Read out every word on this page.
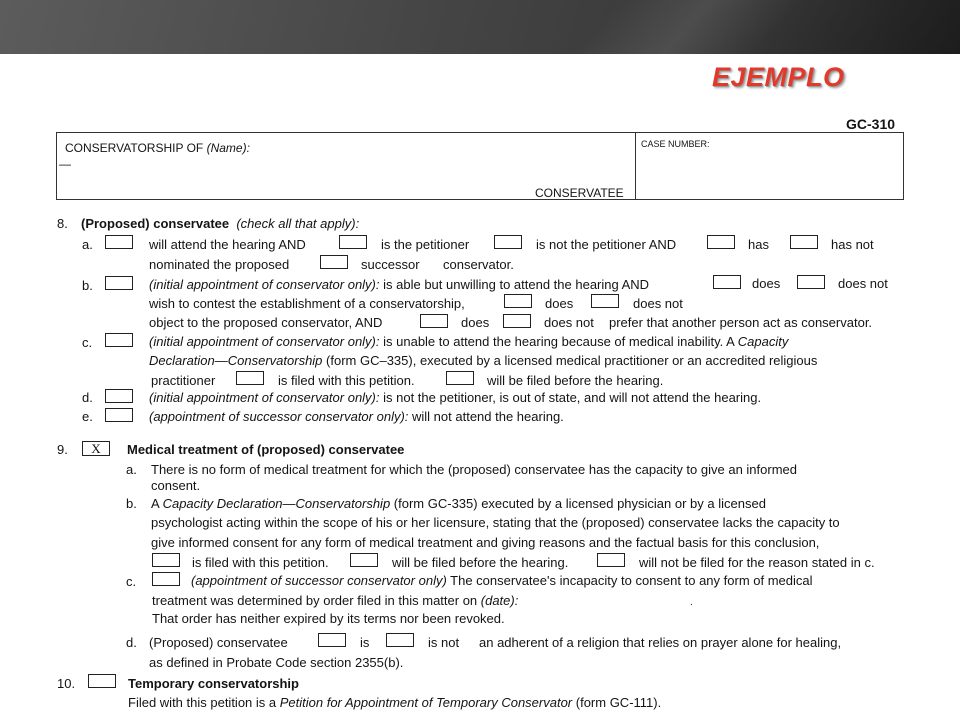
EJEMPLO
GC-310
CONSERVATORSHIP OF (Name):
—
CONSERVATEE
CASE NUMBER:
8. (Proposed) conservatee (check all that apply):
a.	will attend the hearing AND	is the petitioner	is not the petitioner AND	has	has not
nominated the proposed	successor conservator.
b.	(initial appointment of conservator only): is able but unwilling to attend the hearing AND	does	does not
wish to contest the establishment of a conservatorship,	does	does not
object to the proposed conservator, AND	does	does not prefer that another person act as conservator.
c.	(initial appointment of conservator only): is unable to attend the hearing because of medical inability. A Capacity
Declaration—Conservatorship (form GC–335), executed by a licensed medical practitioner or an accredited religious
practitioner	is filed with this petition.	will be filed before the hearing.
d.	(initial appointment of conservator only): is not the petitioner, is out of state, and will not attend the hearing.
e.	(appointment of successor conservator only): will not attend the hearing.
9.	X	Medical treatment of (proposed) conservatee
a. There is no form of medical treatment for which the (proposed) conservatee has the capacity to give an informed
consent.
b. A Capacity Declaration—Conservatorship (form GC-335) executed by a licensed physician or by a licensed
psychologist acting within the scope of his or her licensure, stating that the (proposed) conservatee lacks the capacity to
give informed consent for any form of medical treatment and giving reasons and the factual basis for this conclusion,
is filed with this petition.	will be filed before the hearing.	will not be filed for the reason stated in c.
c.	(appointment of successor conservator only) The conservatee's incapacity to consent to any form of medical
treatment was determined by order filed in this matter on (date):	.
That order has neither expired by its terms nor been revoked.
d. (Proposed) conservatee	is	is not an adherent of a religion that relies on prayer alone for healing,
as defined in Probate Code section 2355(b).
10.	Temporary conservatorship
Filed with this petition is a Petition for Appointment of Temporary Conservator (form GC-111).
